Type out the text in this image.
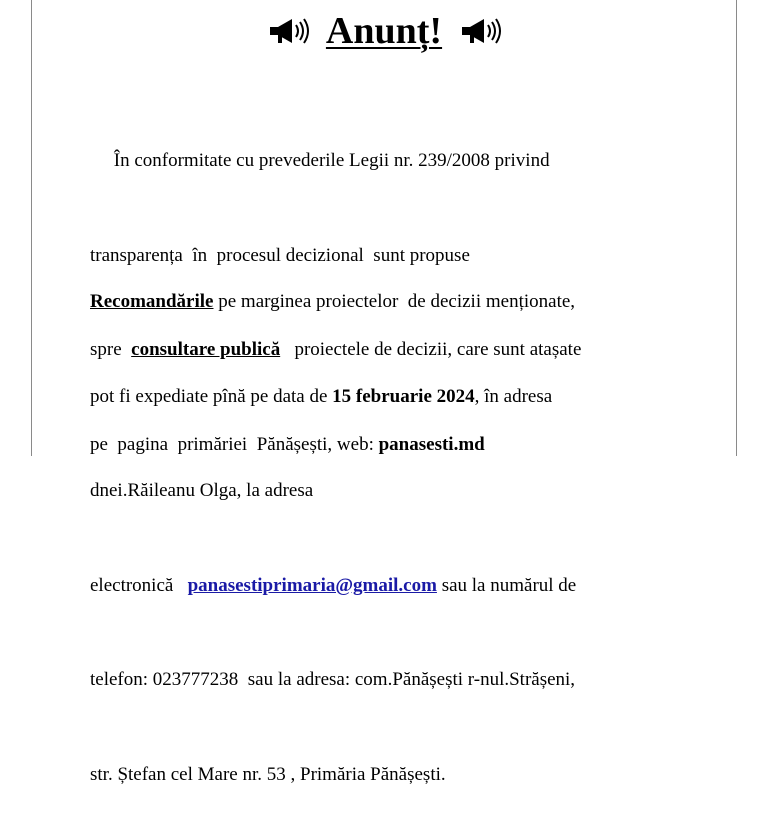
Anunț!

În conformitate cu prevederile Legii nr. 239/2008 privind

transparența  în  procesul decizional  sunt propuse

spre  consultare publică   proiectele de decizii, care sunt atașate

pe  pagina  primăriei  Pănășești, web: panasesti.md

Recomandările pe marginea proiectelor  de decizii menționate,

pot fi expediate pînă pe data de 15 februarie 2024, în adresa

dnei.Răileanu Olga, la adresa

electronică   panasestiprimaria@gmail.com sau la numărul de

telefon: 023777238  sau la adresa: com.Pănășești r-nul.Strășeni,

str. Ștefan cel Mare nr. 53 , Primăria Pănășești.
